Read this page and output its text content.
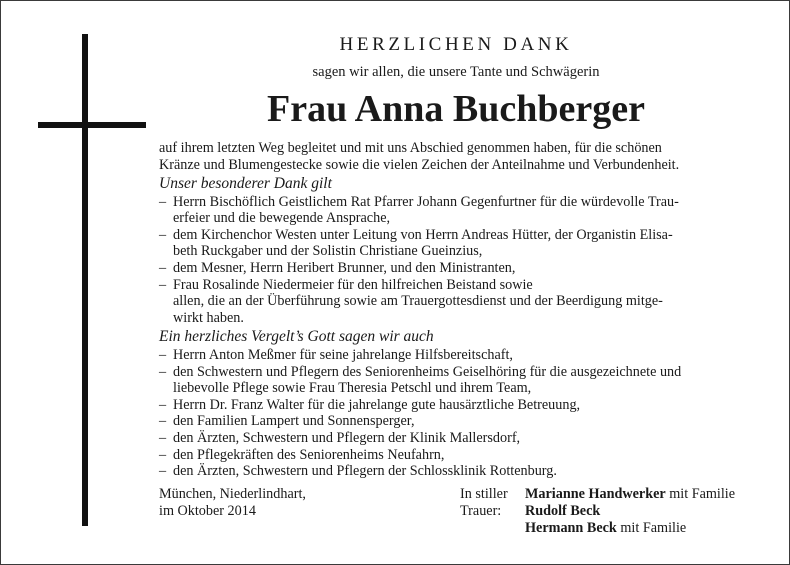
HERZLICHEN DANK
sagen wir allen, die unsere Tante und Schwägerin
Frau Anna Buchberger

auf ihrem letzten Weg begleitet und mit uns Abschied genommen haben, für die schönen
Kränze und Blumengestecke sowie die vielen Zeichen der Anteilnahme und Verbundenheit.

Unser besonderer Dank gilt
– Herrn Bischöflich Geistlichem Rat Pfarrer Johann Gegenfurtner für die würdevolle Trau-
erfeier und die bewegende Ansprache,
– dem Kirchenchor Westen unter Leitung von Herrn Andreas Hütter, der Organistin Elisa-
beth Ruckgaber und der Solistin Christiane Gueinzius,
– dem Mesner, Herrn Heribert Brunner, und den Ministranten,
– Frau Rosalinde Niedermeier für den hilfreichen Beistand sowie
allen, die an der Überführung sowie am Trauergottesdienst und der Beerdigung mitge-
wirkt haben.
Ein herzliches Vergelt’s Gott sagen wir auch
– Herrn Anton Meßmer für seine jahrelange Hilfsbereitschaft,
– den Schwestern und Pflegern des Seniorenheims Geiselhöring für die ausgezeichnete und
liebevolle Pflege sowie Frau Theresia Petschl und ihrem Team,
– Herrn Dr. Franz Walter für die jahrelange gute hausärztliche Betreuung,
– den Familien Lampert und Sonnensperger,
– den Ärzten, Schwestern und Pflegern der Klinik Mallersdorf,
– den Pflegekräften des Seniorenheims Neufahrn,
– den Ärzten, Schwestern und Pflegern der Schlossklinik Rottenburg.
München, Niederlindhart,
im Oktober 2014
In stiller
Trauer:
Marianne Handwerker mit Familie
Rudolf Beck
Hermann Beck mit Familie
